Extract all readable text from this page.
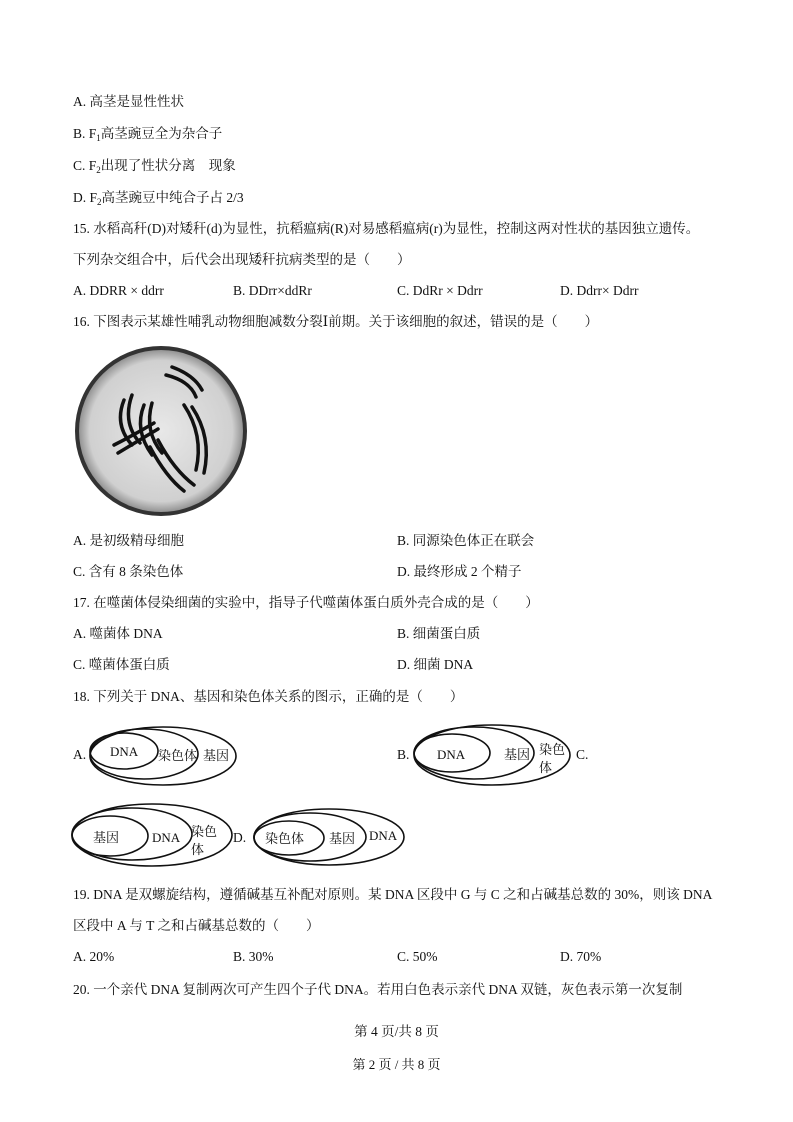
A. 高茎是显性性状
B. $F_1$高茎豌豆全为杂合子
C. $F_2$出现了性状分离　现象
D. $F_2$高茎豌豆中纯合子占 2/3
15. 水稻高秆(D)对矮秆(d)为显性，抗稻瘟病(R)对易感稻瘟病(r)为显性，控制这两对性状的基因独立遗传。
下列杂交组合中，后代会出现矮秆抗病类型的是（　　）
A. DDRR × ddrr	B. DDrr×ddRr	C. DdRr × Ddrr	D. Ddrr× Ddrr
16. 下图表示某雄性哺乳动物细胞减数分裂Ⅰ前期。关于该细胞的叙述，错误的是（　　）
A. 是初级精母细胞	B. 同源染色体正在联会
C. 含有 8 条染色体	D. 最终形成 2 个精子
17. 在噬菌体侵染细菌的实验中，指导子代噬菌体蛋白质外壳合成的是（　　）
A. 噬菌体 DNA	B. 细菌蛋白质
C. 噬菌体蛋白质	D. 细菌 DNA
18. 下列关于 DNA、基因和染色体关系的图示，正确的是（　　）
A. DNA 染色体 基因	B. DNA	基因 染色
体
C.
基因	DNA 染色
体
D. 染色体 基因 DNA
19. DNA 是双螺旋结构，遵循碱基互补配对原则。某 DNA 区段中 G 与 C 之和占碱基总数的 30%，则该 DNA
区段中 A 与 T 之和占碱基总数的（　　）
A. 20%	B. 30%	C. 50%	D. 70%
20. 一个亲代 DNA 复制两次可产生四个子代 DNA。若用白色表示亲代 DNA 双链，灰色表示第一次复制
第 4 页/共 8 页
第 2 页 / 共 8 页
